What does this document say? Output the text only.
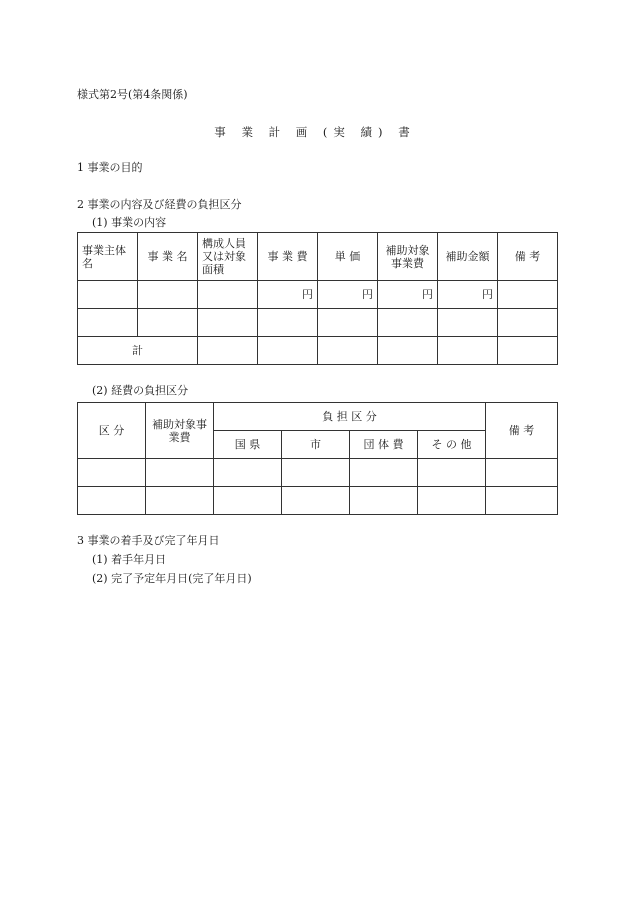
様式第2号(第4条関係)
事 業 計 画 (実 績) 書
1 事業の目的
2 事業の内容及び経費の負担区分
(1) 事業の内容
事業主体名	事 業 名	構成人員又は対象面積	事 業 費	単 価	補助対象事業費	補助金額	備 考
			円	円	円	円	

計							
(2) 経費の負担区分
区 分	補助対象事業費	負 担 区 分				備 考
		国 県	市	団 体 費	そ の 他	

3 事業の着手及び完了年月日
(1) 着手年月日
(2) 完了予定年月日(完了年月日)
